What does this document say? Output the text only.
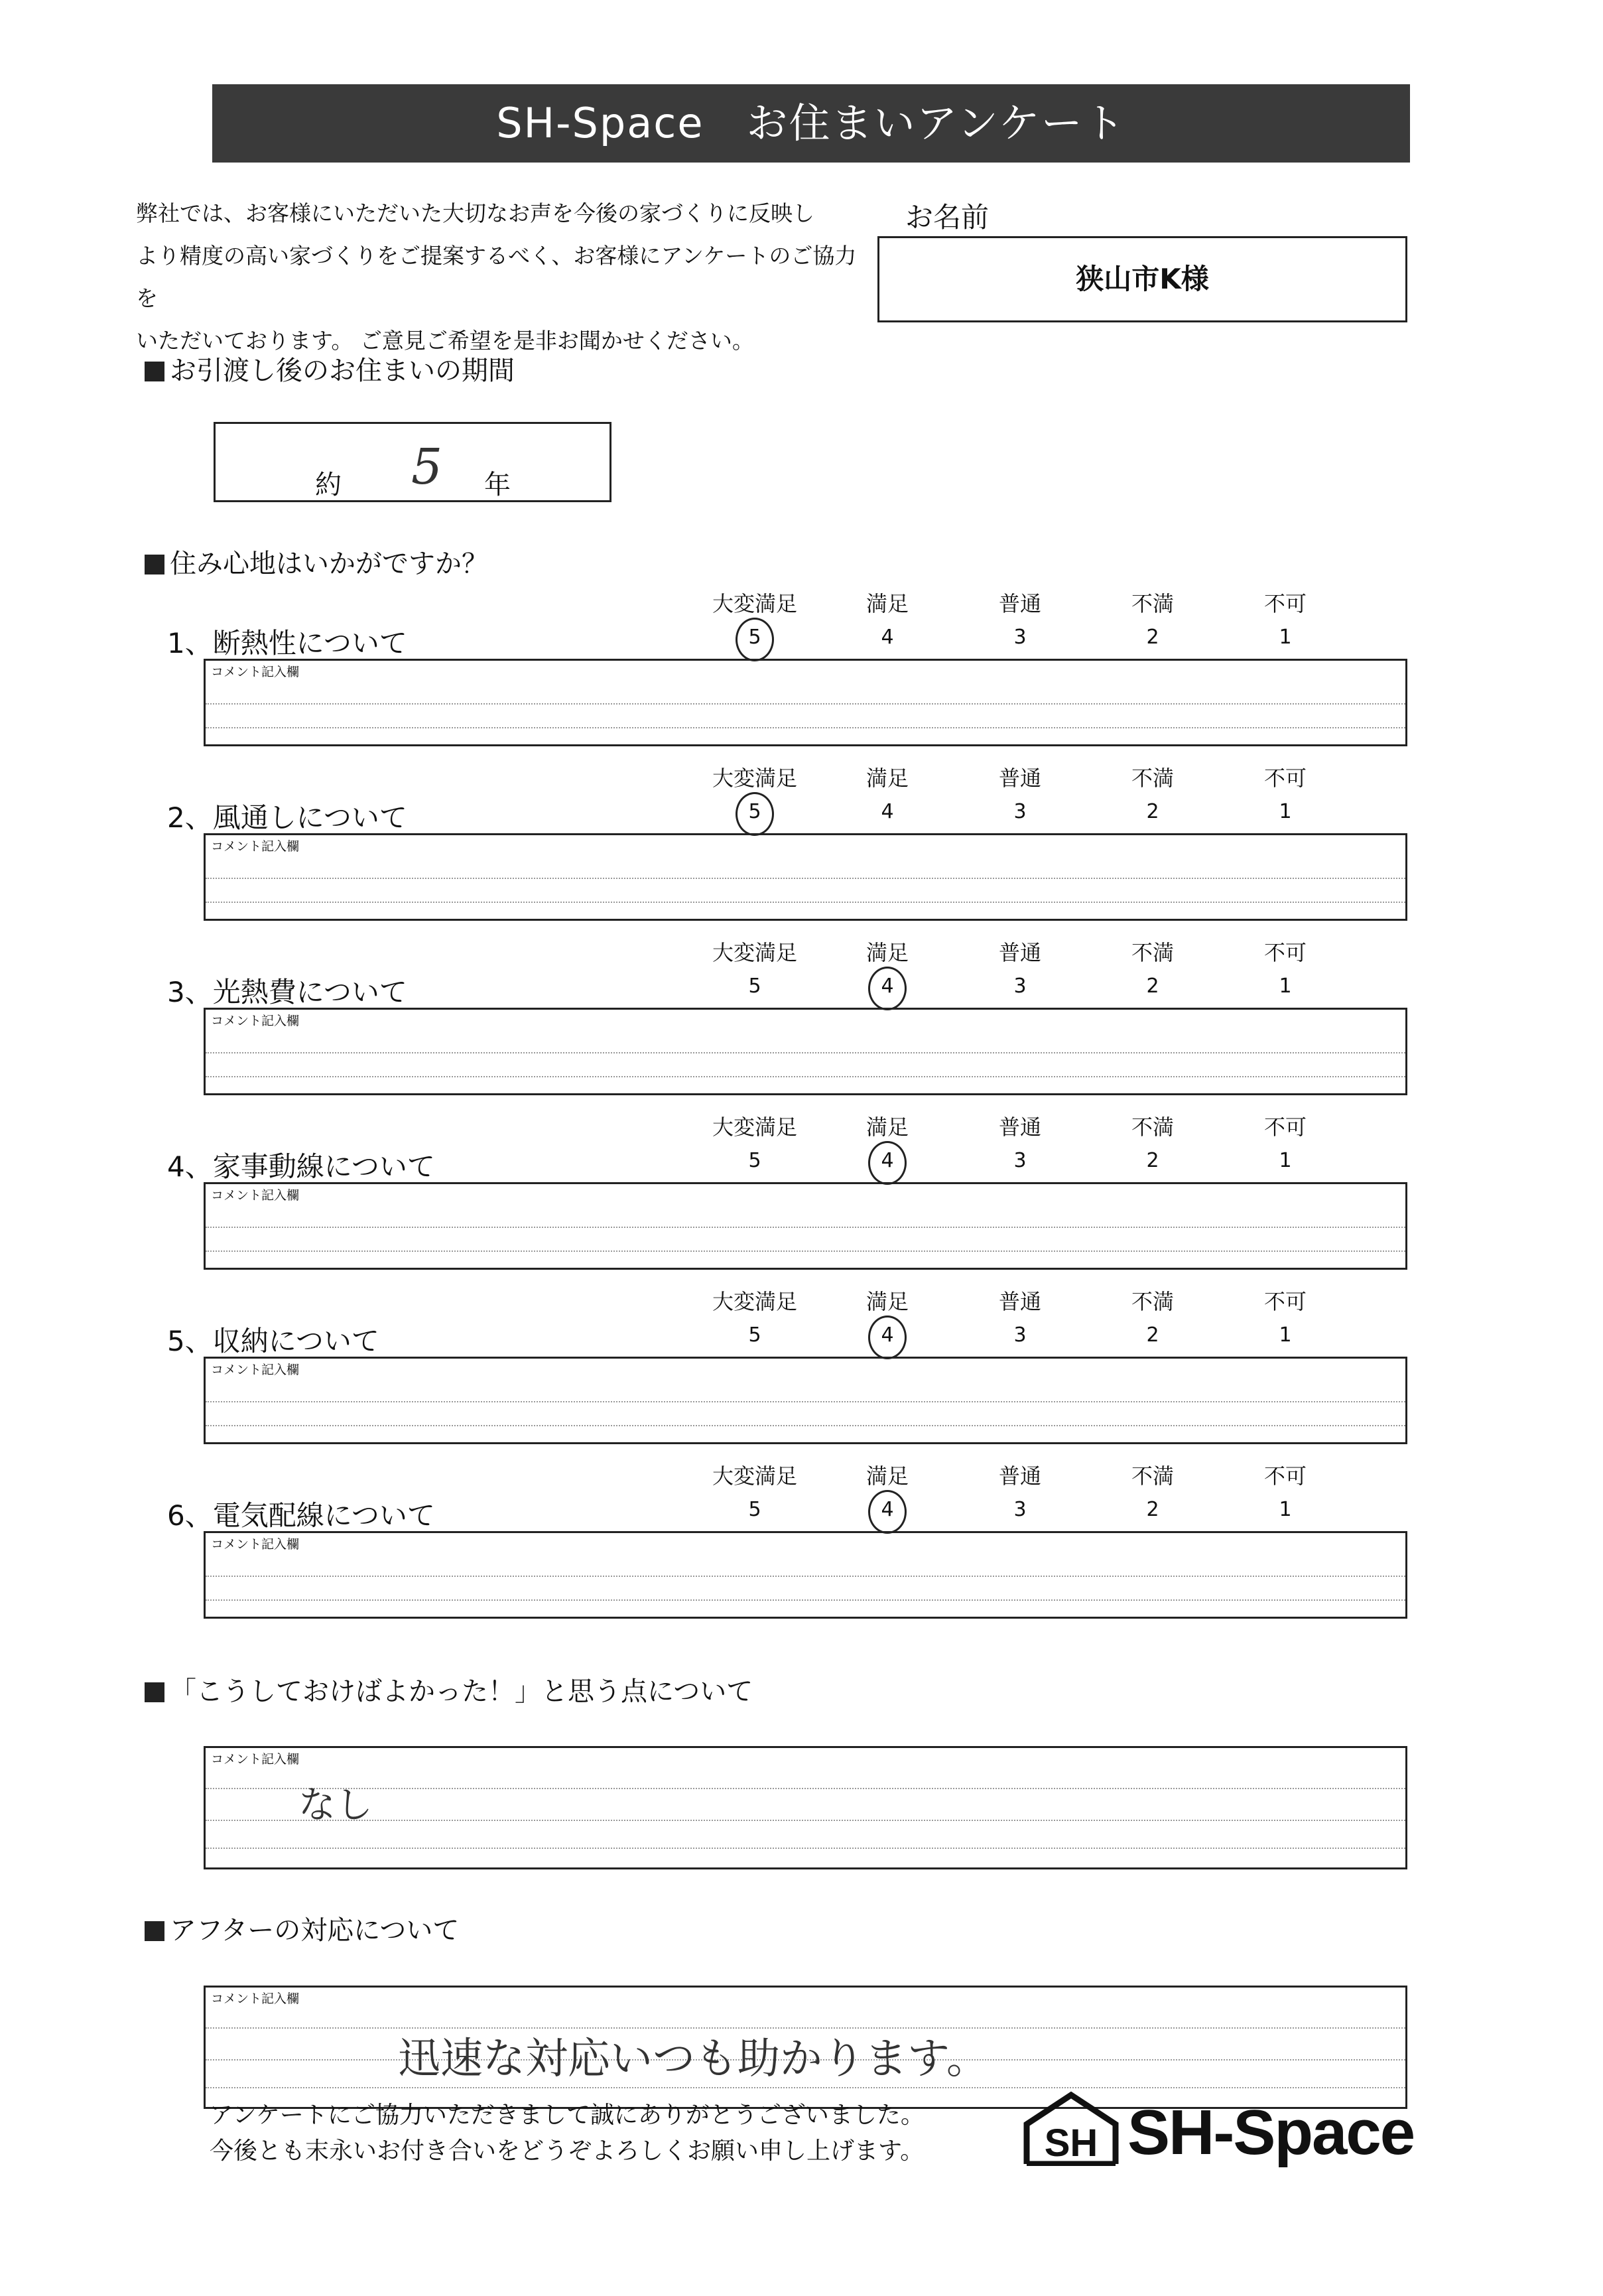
SH-Space　お住まいアンケート
弊社では、お客様にいただいた大切なお声を今後の家づくりに反映し
より精度の高い家づくりをご提案するべく、お客様にアンケートのご協力を
いただいております。 ご意見ご希望を是非お聞かせください。
お名前
狭山市K様
お引渡し後のお住まいの期間
約 5 年
住み心地はいかがですか？
1、断熱性について
大変満足
5
満足
4
普通
3
不満
2
不可
1
コメント記入欄
2、風通しについて
大変満足
5
満足
4
普通
3
不満
2
不可
1
コメント記入欄
3、光熱費について
大変満足
5
満足
4
普通
3
不満
2
不可
1
コメント記入欄
4、家事動線について
大変満足
5
満足
4
普通
3
不満
2
不可
1
コメント記入欄
5、収納について
大変満足
5
満足
4
普通
3
不満
2
不可
1
コメント記入欄
6、電気配線について
大変満足
5
満足
4
普通
3
不満
2
不可
1
コメント記入欄
「こうしておけばよかった！」と思う点について
コメント記入欄
なし
アフターの対応について
コメント記入欄
迅速な対応いつも助かります。
アンケートにご協力いただきまして誠にありがとうございました。
今後とも末永いお付き合いをどうぞよろしくお願い申し上げます。	SH SH-Space
